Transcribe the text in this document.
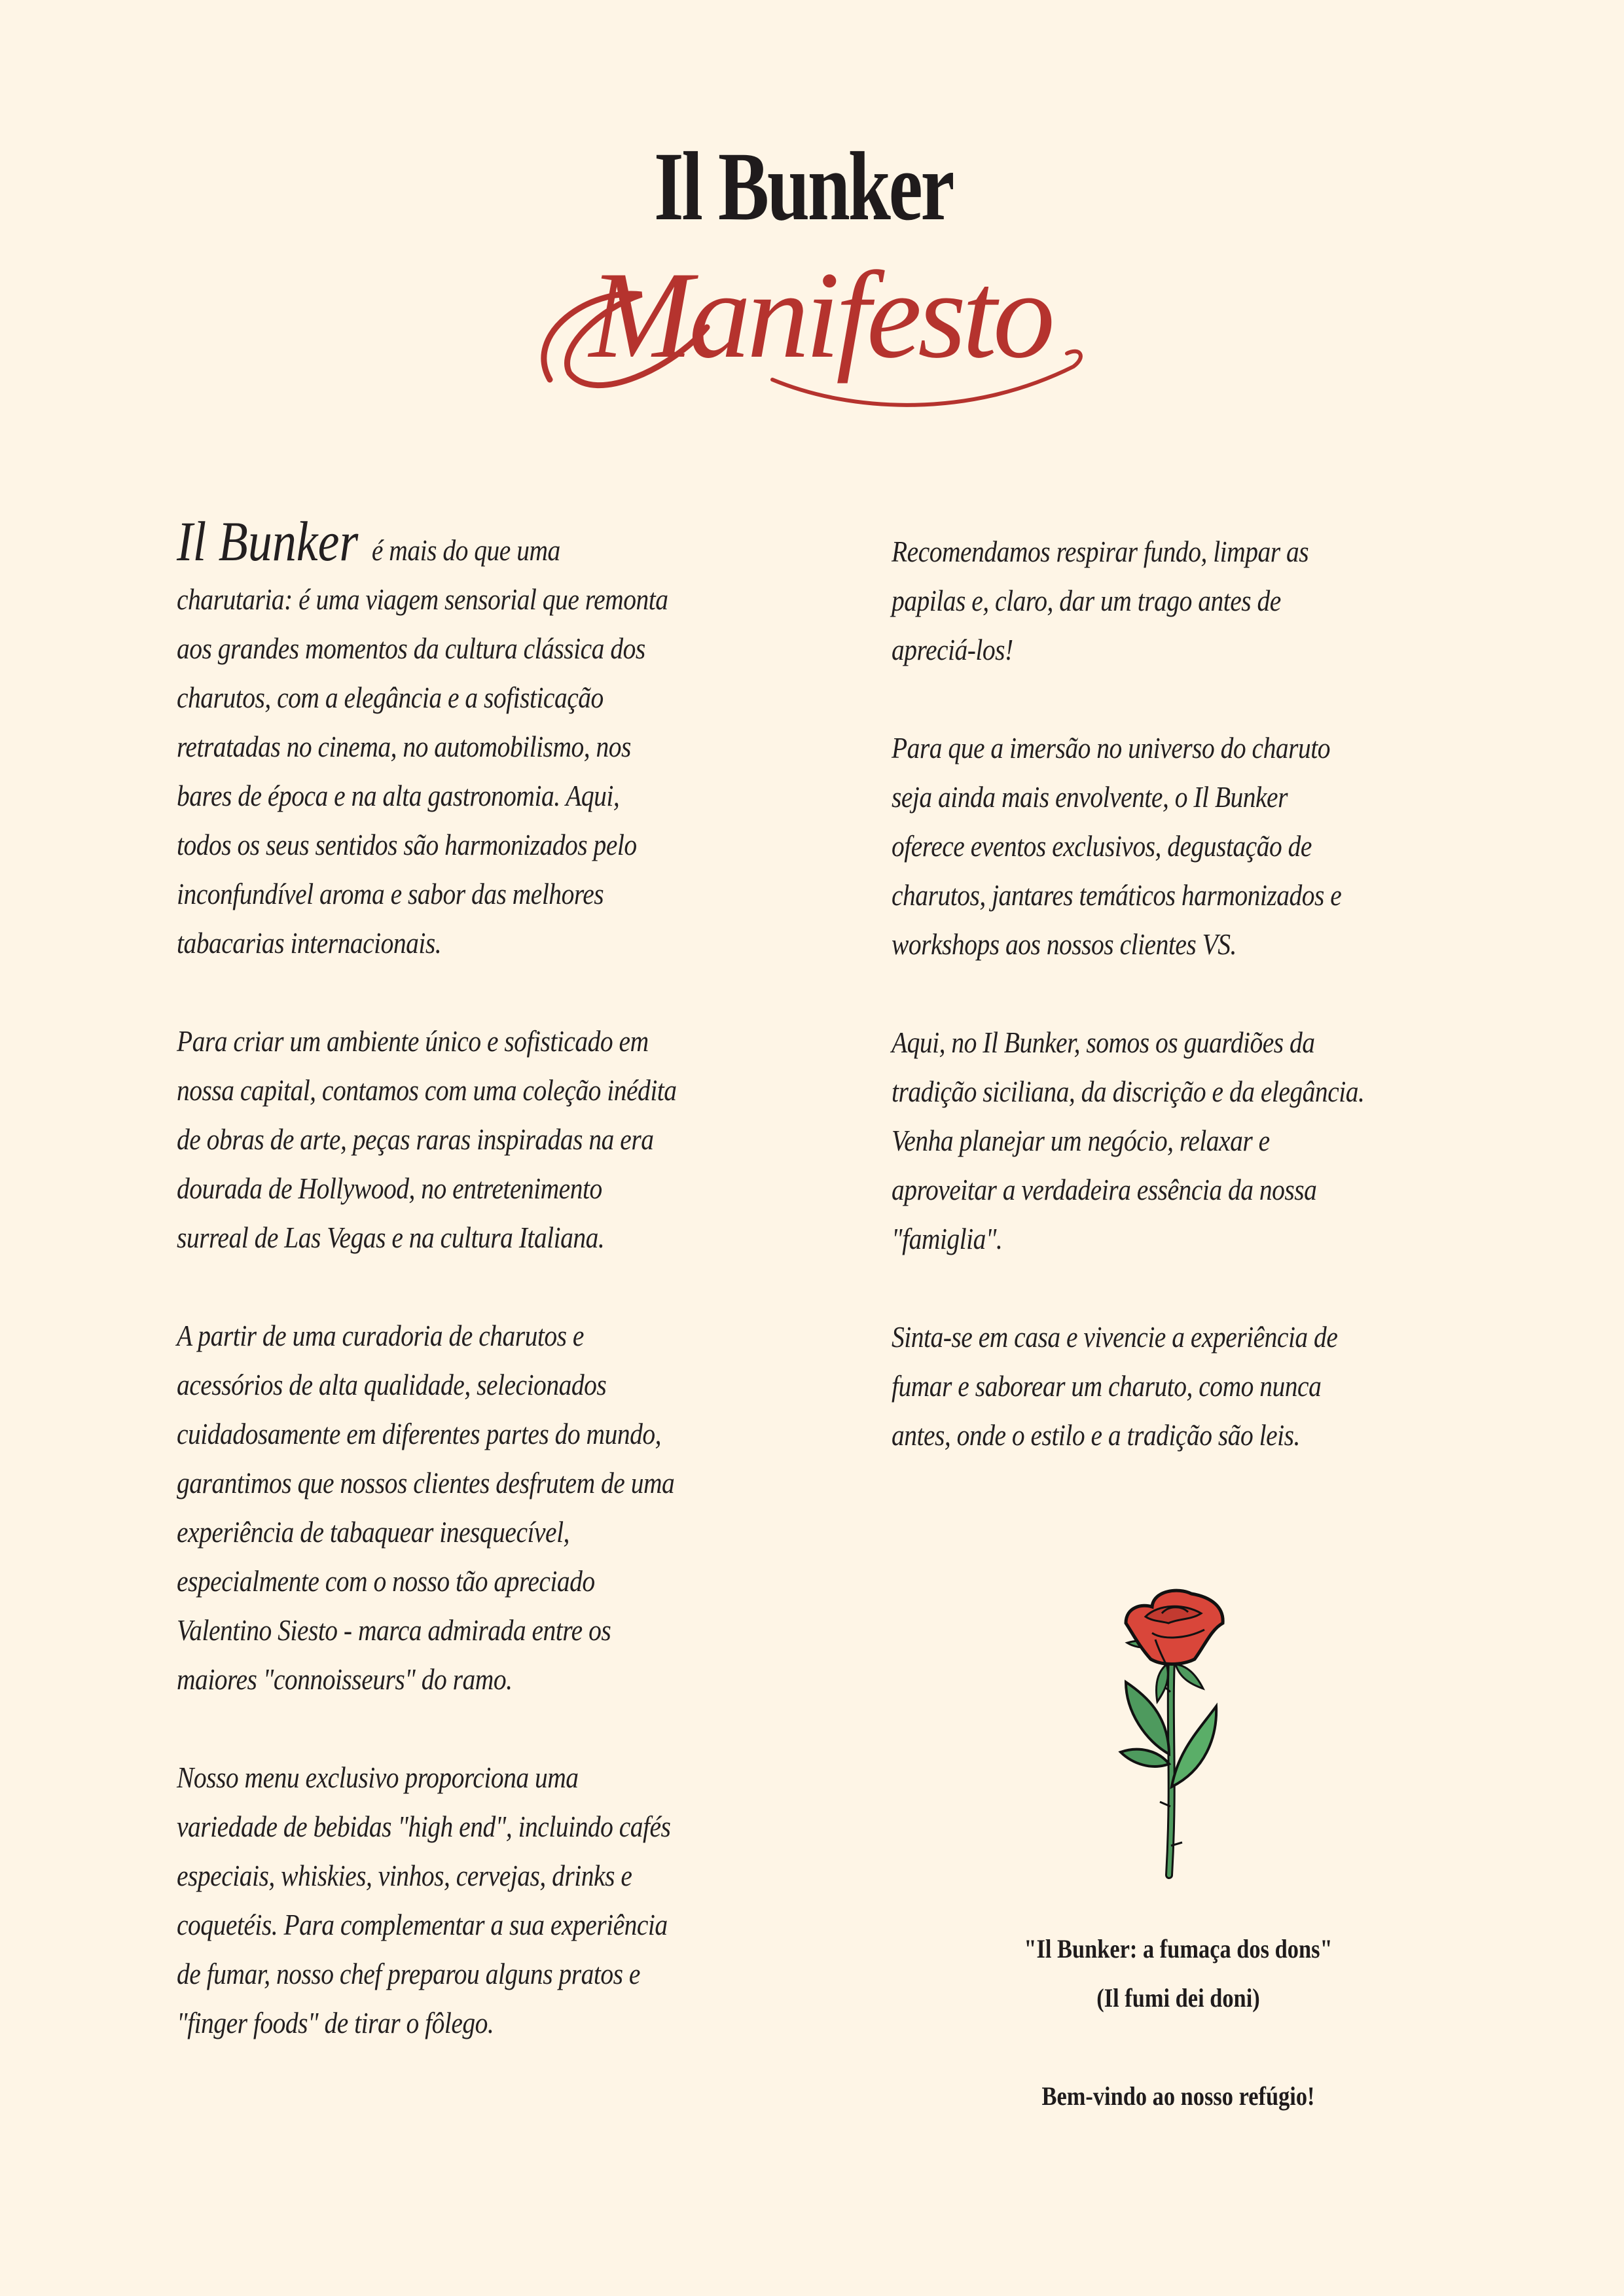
Il Bunker
Manifesto

Il Bunker é mais do que uma
charutaria: é uma viagem sensorial que remonta
aos grandes momentos da cultura clássica dos
charutos, com a elegância e a sofisticação
retratadas no cinema, no automobilismo, nos
bares de época e na alta gastronomia. Aqui,
todos os seus sentidos são harmonizados pelo
inconfundível aroma e sabor das melhores
tabacarias internacionais.

Para criar um ambiente único e sofisticado em
nossa capital, contamos com uma coleção inédita
de obras de arte, peças raras inspiradas na era
dourada de Hollywood, no entretenimento
surreal de Las Vegas e na cultura Italiana.

A partir de uma curadoria de charutos e
acessórios de alta qualidade, selecionados
cuidadosamente em diferentes partes do mundo,
garantimos que nossos clientes desfrutem de uma
experiência de tabaquear inesquecível,
especialmente com o nosso tão apreciado
Valentino Siesto - marca admirada entre os
maiores "connoisseurs" do ramo.

Nosso menu exclusivo proporciona uma
variedade de bebidas "high end", incluindo cafés
especiais, whiskies, vinhos, cervejas, drinks e
coquetéis. Para complementar a sua experiência
de fumar, nosso chef preparou alguns pratos e
"finger foods" de tirar o fôlego.

Recomendamos respirar fundo, limpar as
papilas e, claro, dar um trago antes de
apreciá-los!

Para que a imersão no universo do charuto
seja ainda mais envolvente, o Il Bunker
oferece eventos exclusivos, degustação de
charutos, jantares temáticos harmonizados e
workshops aos nossos clientes VS.

Aqui, no Il Bunker, somos os guardiões da
tradição siciliana, da discrição e da elegância.
Venha planejar um negócio, relaxar e
aproveitar a verdadeira essência da nossa
"famiglia".

Sinta-se em casa e vivencie a experiência de
fumar e saborear um charuto, como nunca
antes, onde o estilo e a tradição são leis.

"Il Bunker: a fumaça dos dons"
(Il fumi dei doni)
Bem-vindo ao nosso refúgio!
